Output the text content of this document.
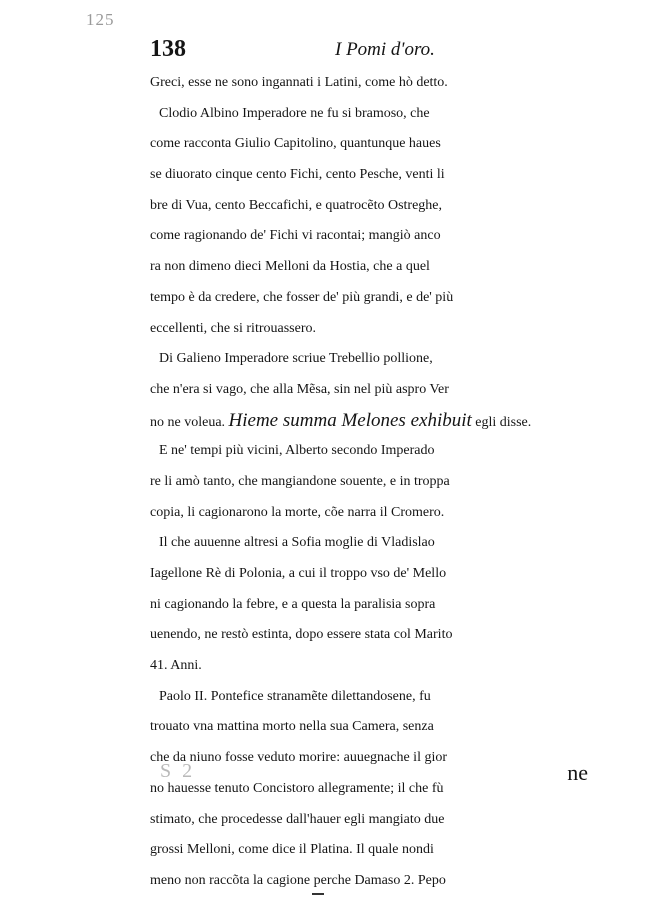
125
138	I Pomi d'oro.
Greci, esse ne sono ingannati i Latini, come hò detto.
Clodio Albino Imperadore ne fu si bramoso, che
come racconta Giulio Capitolino, quantunque haues
se diuorato cinque cento Fichi, cento Pesche, venti li
bre di Vua, cento Beccafichi, e quatrocẽto Ostreghe,
come ragionando de' Fichi vi racontai; mangiò anco
ra non dimeno dieci Melloni da Hostia, che a quel
tempo è da credere, che fosser de' più grandi, e de' più
eccellenti, che si ritrouassero.
Di Galieno Imperadore scriue Trebellio pollione,
che n'era si vago, che alla Mẽsa, sin nel più aspro Ver
no ne voleua. Hieme summa Melones exhibuit egli disse.
E ne' tempi più vicini, Alberto secondo Imperado
re li amò tanto, che mangiandone souente, e in troppa
copia, li cagionarono la morte, cõe narra il Cromero.
Il che auuenne altresi a Sofia moglie di Vladislao
Iagellone Rè di Polonia, a cui il troppo vso de' Mello
ni cagionando la febre, e a questa la paralisia sopra
uenendo, ne restò estinta, dopo essere stata col Marito
41. Anni.
Paolo II. Pontefice stranamẽte dilettandosene, fu
trouato vna mattina morto nella sua Camera, senza
che da niuno fosse veduto morire: auuegnache il gior
no hauesse tenuto Concistoro allegramente; il che fù
stimato, che procedesse dall'hauer egli mangiato due
grossi Melloni, come dice il Platina. Il quale nondi
meno non raccõta la cagione perche Damaso 2. Pepo
S 2	ne
